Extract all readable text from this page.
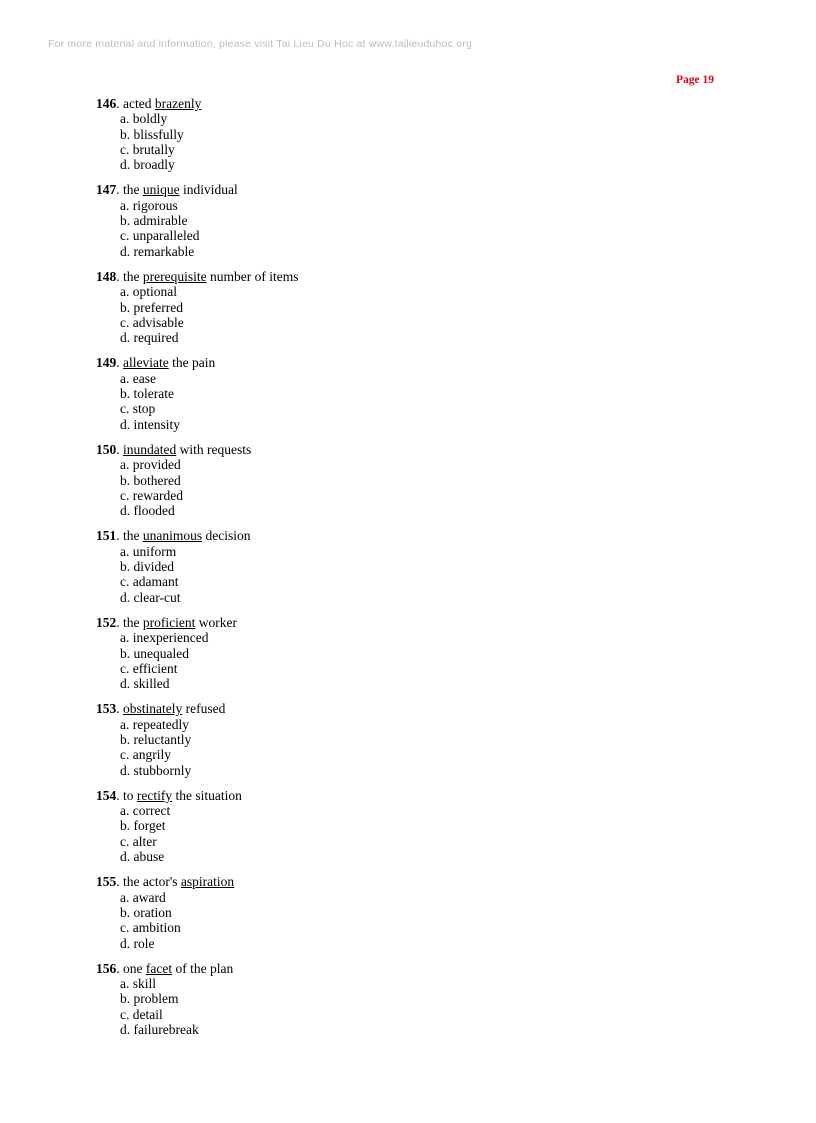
For more material and information, please visit Tai Lieu Du Hoc at www.tailieuduhoc.org
Page 19
146. acted brazenly
a. boldly
b. blissfully
c. brutally
d. broadly
147. the unique individual
a. rigorous
b. admirable
c. unparalleled
d. remarkable
148. the prerequisite number of items
a. optional
b. preferred
c. advisable
d. required
149. alleviate the pain
a. ease
b. tolerate
c. stop
d. intensity
150. inundated with requests
a. provided
b. bothered
c. rewarded
d. flooded
151. the unanimous decision
a. uniform
b. divided
c. adamant
d. clear-cut
152. the proficient worker
a. inexperienced
b. unequaled
c. efficient
d. skilled
153. obstinately refused
a. repeatedly
b. reluctantly
c. angrily
d. stubbornly
154. to rectify the situation
a. correct
b. forget
c. alter
d. abuse
155. the actor's aspiration
a. award
b. oration
c. ambition
d. role
156. one facet of the plan
a. skill
b. problem
c. detail
d. failurebreak
